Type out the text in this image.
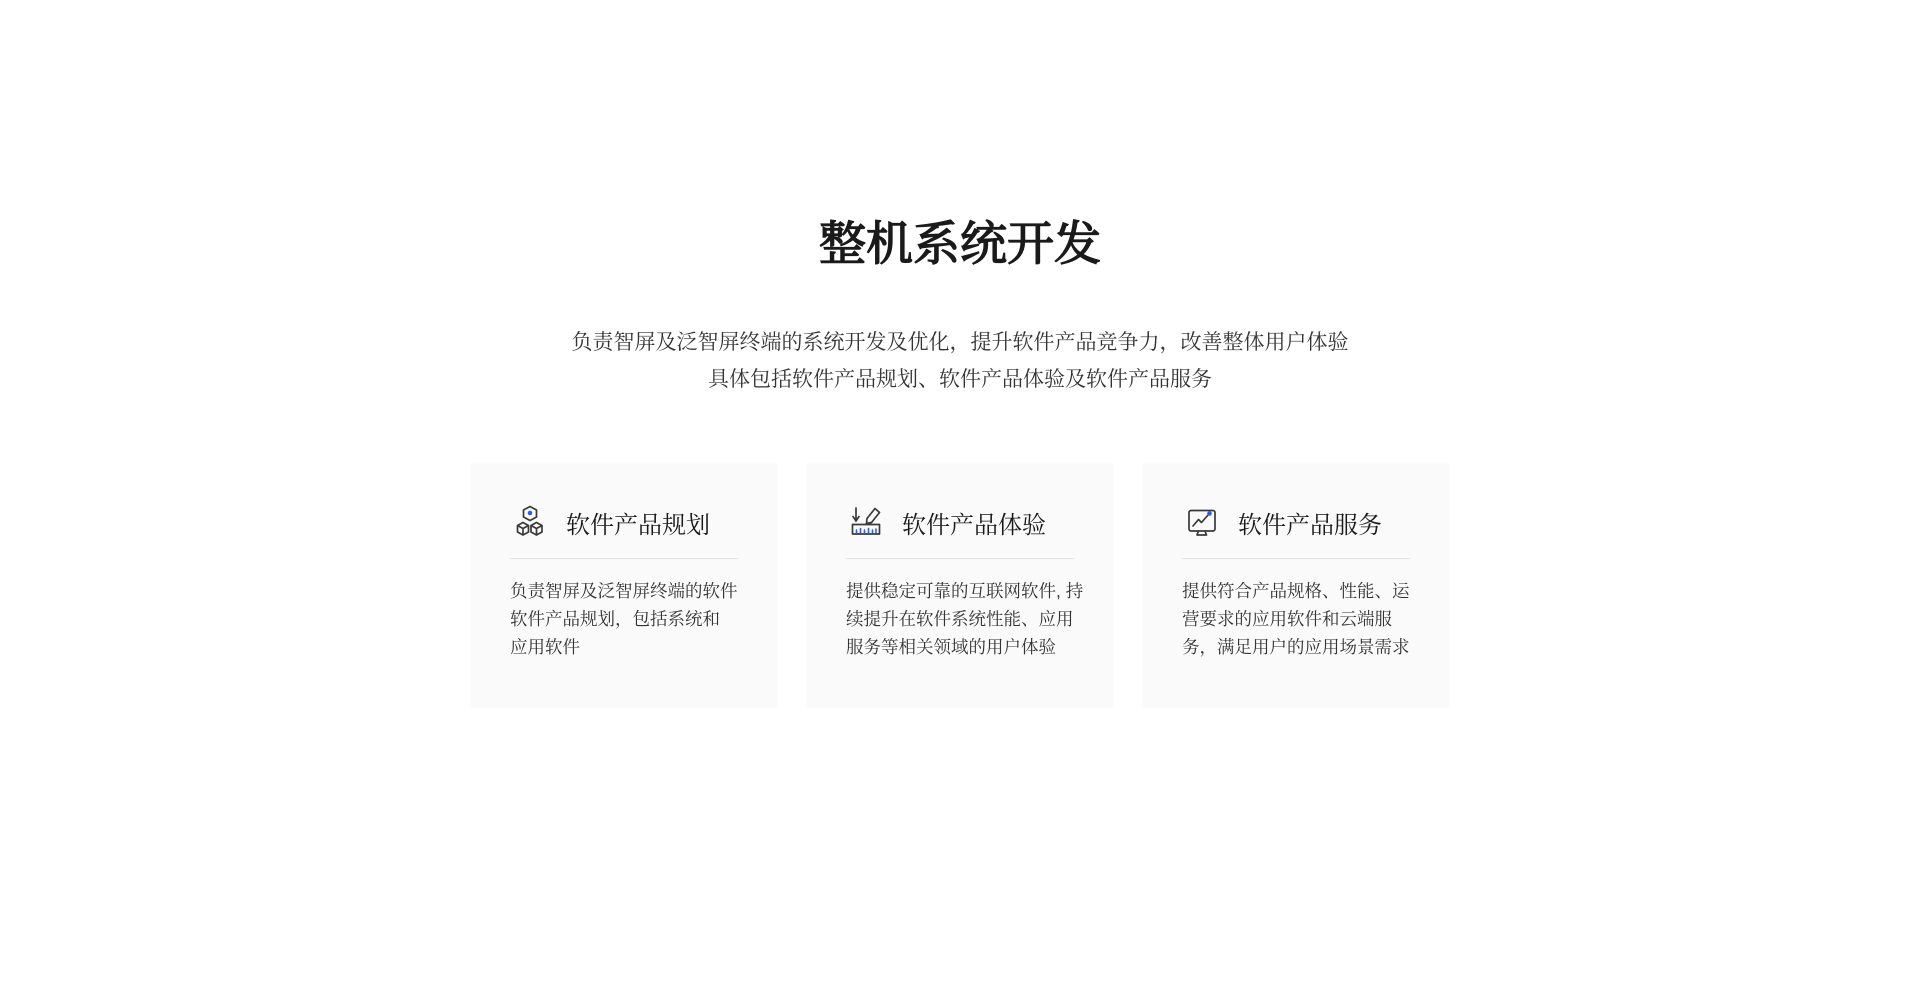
整机系统开发
负责智屏及泛智屏终端的系统开发及优化，提升软件产品竞争力，改善整体用户体验
具体包括软件产品规划、软件产品体验及软件产品服务
软件产品规划

负责智屏及泛智屏终端的软件
软件产品规划，包括系统和
应用软件

软件产品体验

提供稳定可靠的互联网软件, 持
续提升在软件系统性能、应用
服务等相关领域的用户体验

软件产品服务

提供符合产品规格、性能、运
营要求的应用软件和云端服
务，满足用户的应用场景需求
